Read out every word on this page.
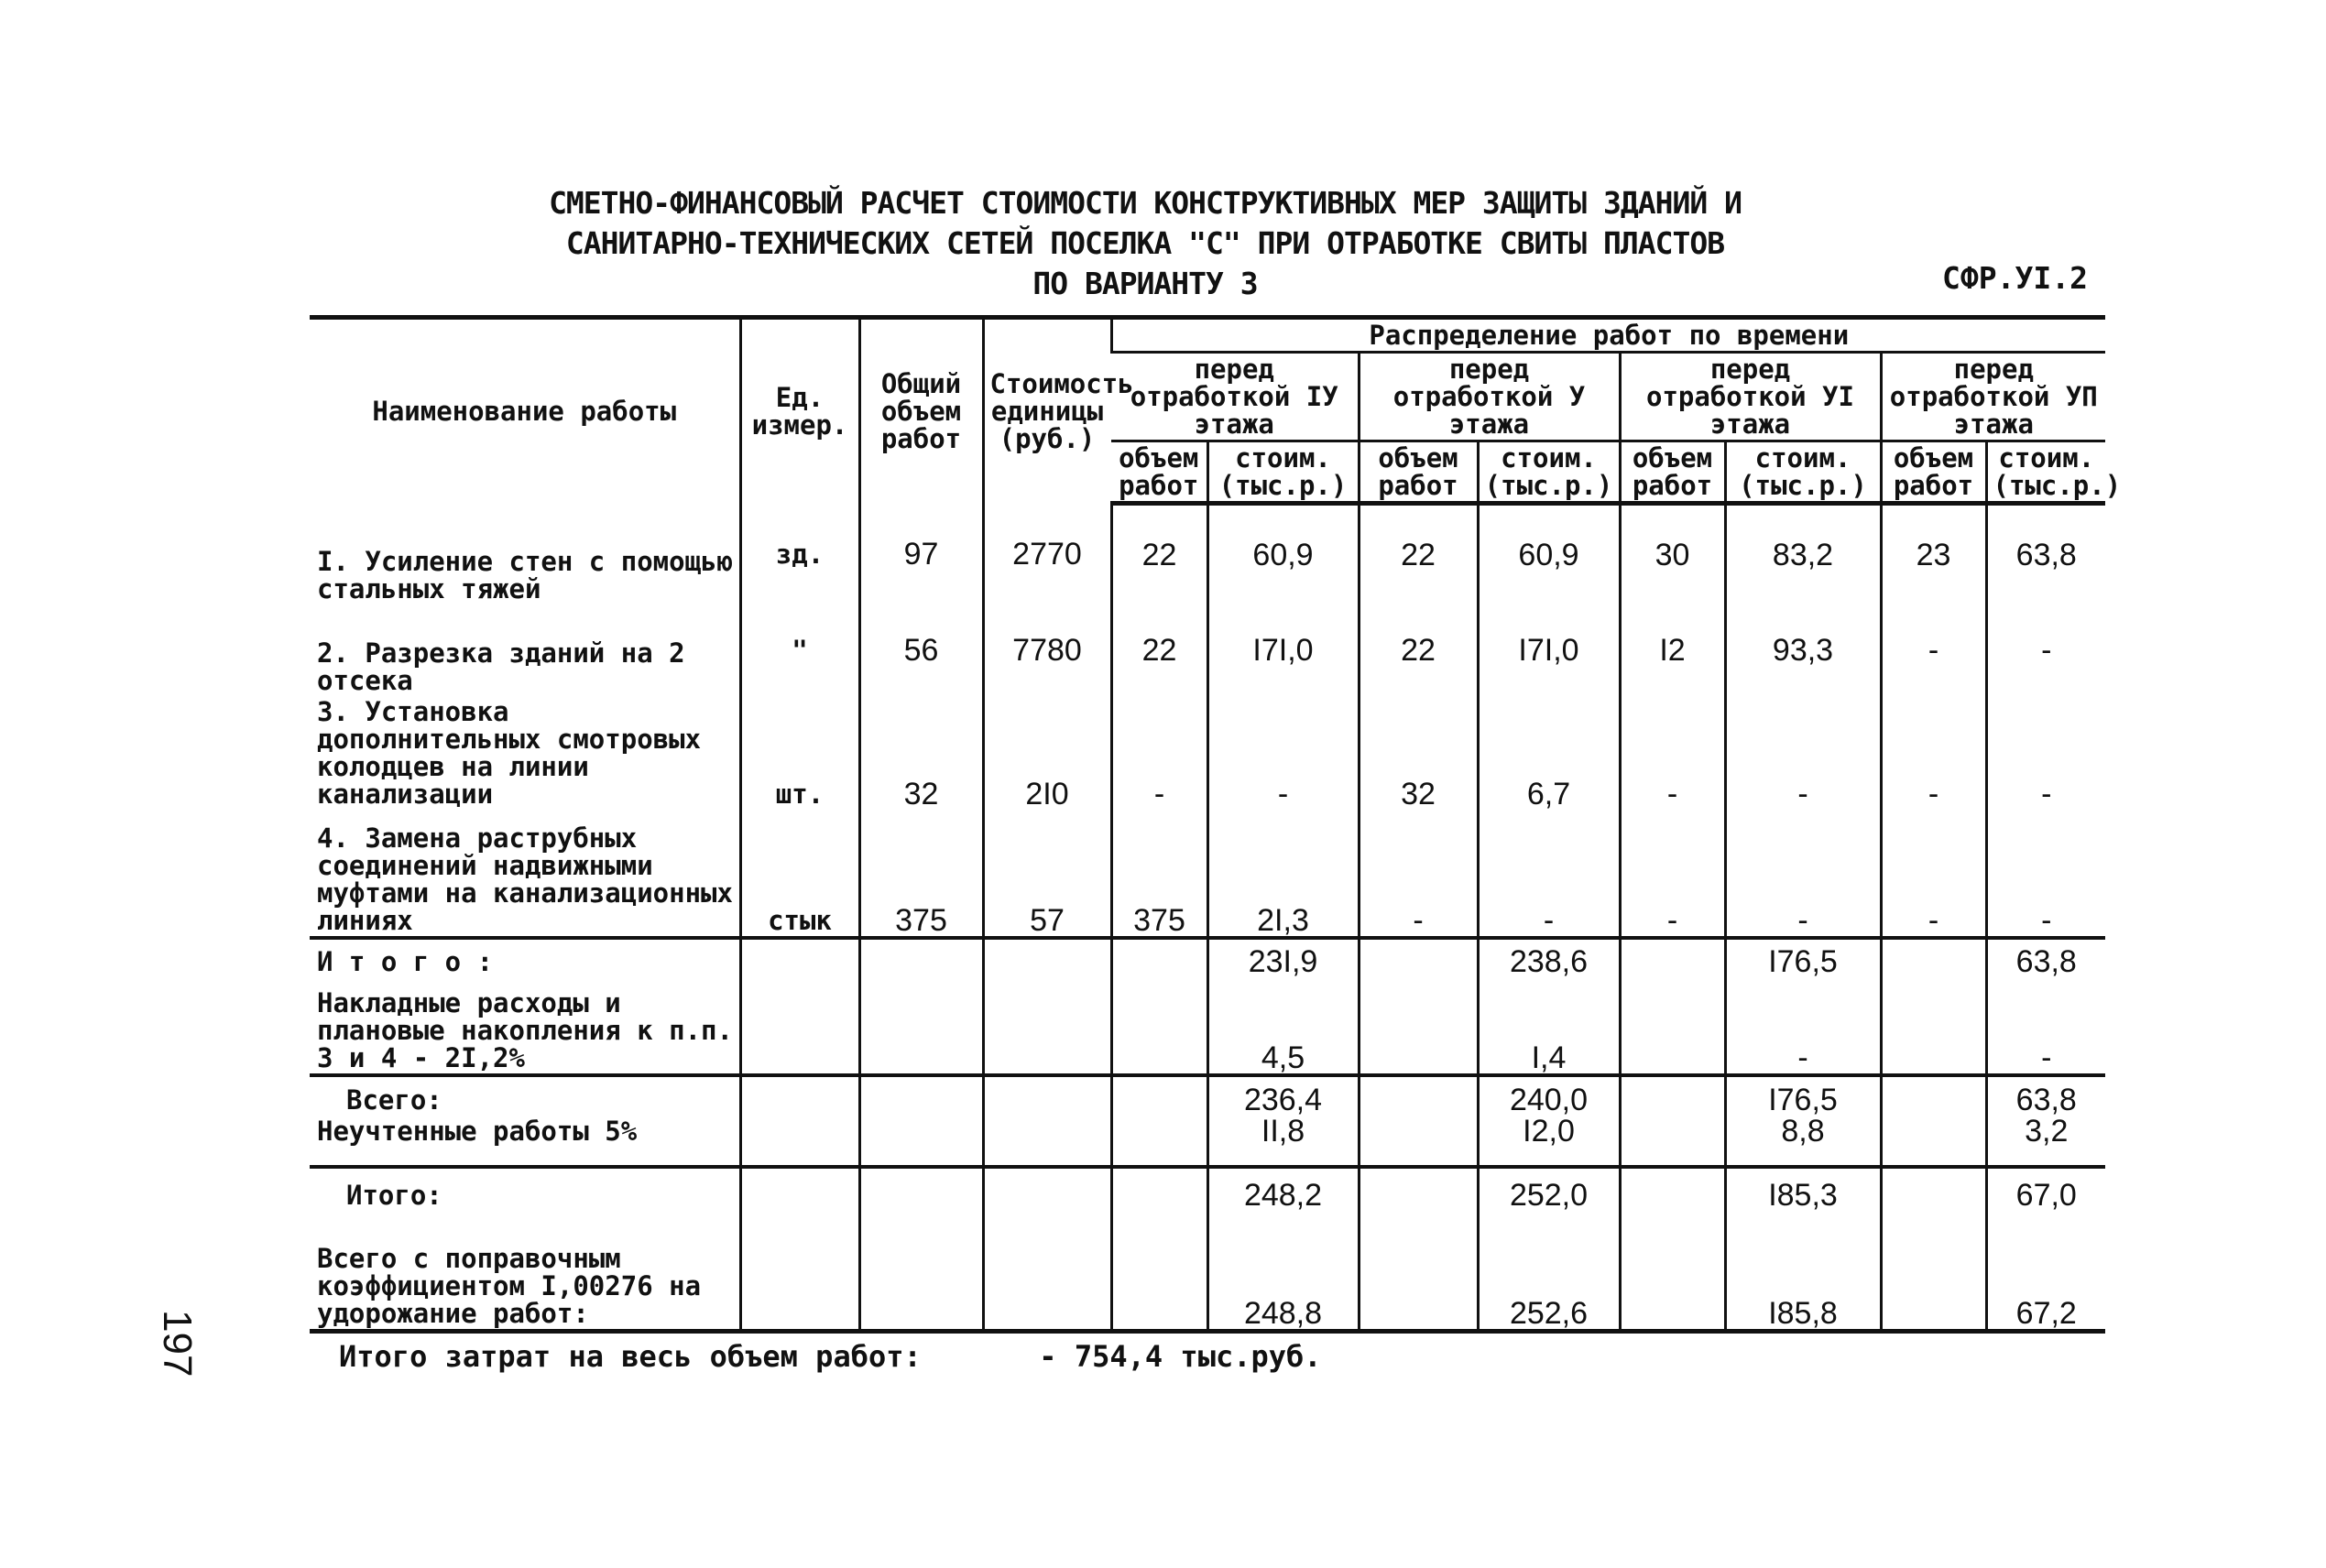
СМЕТНО-ФИНАНСОВЫЙ РАСЧЕТ СТОИМОСТИ КОНСТРУКТИВНЫХ МЕР ЗАЩИТЫ ЗДАНИЙ И
САНИТАРНО-ТЕХНИЧЕСКИХ СЕТЕЙ ПОСЕЛКА "С" ПРИ ОТРАБОТКЕ СВИТЫ ПЛАСТОВ
ПО ВАРИАНТУ 3	СФР.УI.2
Наименование работы	Ед. измер.	Общий объем работ	Стоимость единицы (руб.)	Распределение работ по времени							
				перед отработкой IУ этажа		перед отработкой У этажа		перед отработкой УI этажа		перед отработкой УП этажа	
				объем работ	стоим. (тыс.р.)	объем работ	стоим. (тыс.р.)	объем работ	стоим. (тыс.р.)	объем работ	стоим. (тыс.р.)
I. Усиление стен с помощью стальных тяжей	зд.	97	2770	22	60,9	22	60,9	30	83,2	23	63,8
2. Разрезка зданий на 2 отсека	"	56	7780	22	I7I,0	22	I7I,0	I2	93,3	-	-
3. Установка дополнительных смотровых колодцев на линии канализации	шт.	32	2I0	-	-	32	6,7	-	-	-	-
4. Замена раструбных соединений надвижными муфтами на канализационных линиях	стык	375	57	375	2I,3	-	-	-	-	-	-
И т о г о :					23I,9		238,6		I76,5		63,8
Накладные расходы и плановые накопления к п.п. 3 и 4 - 2I,2%					4,5		I,4		-		-
Всего:					236,4		240,0		I76,5		63,8
Неучтенные работы 5%					II,8		I2,0		8,8		3,2
Итого:					248,2		252,0		I85,3		67,0
Всего с поправочным коэффициентом I,00276 на удорожание работ:					248,8		252,6		I85,8		67,2
Итого затрат на весь объем работ:	- 754,4 тыс.руб.
197
